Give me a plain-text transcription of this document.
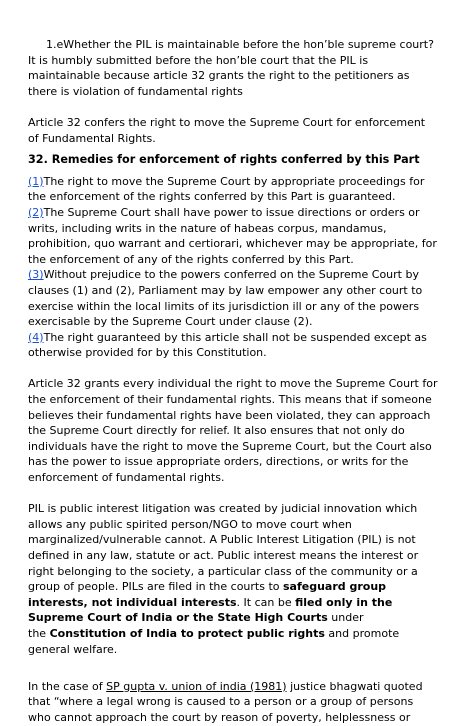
1.eWhether the PIL is maintainable before the hon’ble supreme court?
It is humbly submitted before the hon’ble court that the PIL is
maintainable because article 32 grants the right to the petitioners as
there is violation of fundamental rights
Article 32 confers the right to move the Supreme Court for enforcement
of Fundamental Rights.
32. Remedies for enforcement of rights conferred by this Part
(1)The right to move the Supreme Court by appropriate proceedings for
the enforcement of the rights conferred by this Part is guaranteed.
(2)The Supreme Court shall have power to issue directions or orders or
writs, including writs in the nature of habeas corpus, mandamus,
prohibition, quo warrant and certiorari, whichever may be appropriate, for
the enforcement of any of the rights conferred by this Part.
(3)Without prejudice to the powers conferred on the Supreme Court by
clauses (1) and (2), Parliament may by law empower any other court to
exercise within the local limits of its jurisdiction ill or any of the powers
exercisable by the Supreme Court under clause (2).
(4)The right guaranteed by this article shall not be suspended except as
otherwise provided for by this Constitution.
Article 32 grants every individual the right to move the Supreme Court for
the enforcement of their fundamental rights. This means that if someone
believes their fundamental rights have been violated, they can approach
the Supreme Court directly for relief. It also ensures that not only do
individuals have the right to move the Supreme Court, but the Court also
has the power to issue appropriate orders, directions, or writs for the
enforcement of fundamental rights.
PIL is public interest litigation was created by judicial innovation which
allows any public spirited person/NGO to move court when
marginalized/vulnerable cannot. A Public Interest Litigation (PIL) is not
defined in any law, statute or act. Public interest means the interest or
right belonging to the society, a particular class of the community or a
group of people. PILs are filed in the courts to safeguard group
interests, not individual interests. It can be filed only in the
Supreme Court of India or the State High Courts under
the Constitution of India to protect public rights and promote
general welfare.
In the case of SP gupta v. union of india (1981) justice bhagwati quoted
that “where a legal wrong is caused to a person or a group of persons
who cannot approach the court by reason of poverty, helplessness or
